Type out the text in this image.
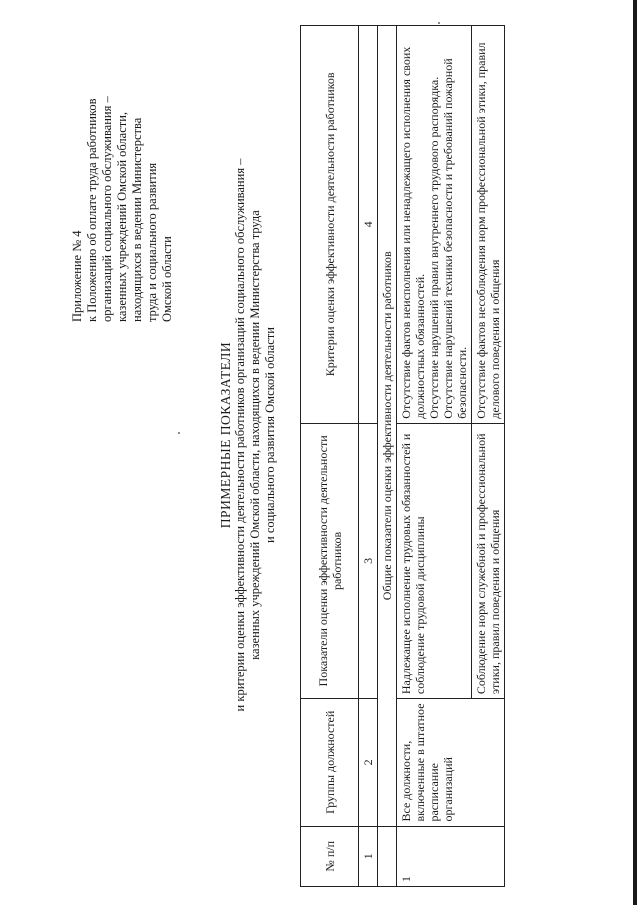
Приложение № 4 к Положению об оплате труда работников организаций социального обслуживания – казенных учреждений Омской области, находящихся в ведении Министерства труда и социального развития Омской области
ПРИМЕРНЫЕ ПОКАЗАТЕЛИ и критерии оценки эффективности деятельности работников организаций социального обслуживания – казенных учреждений Омской области, находящихся в ведении Министерства труда и социального развития Омской области
№ п/п	Группы должностей	Показатели оценки эффективности деятельности работников	Критерии оценки эффективности деятельности работников
1	2	3	4
	Общие показатели оценки эффективности деятельности работников		
1	Все должности, включенные в штатное расписание организаций	Надлежащее исполнение трудовых обязанностей и соблюдение трудовой дисциплины	Отсутствие фактов неисполнения или ненадлежащего исполнения своих должностных обязанностей. Отсутствие нарушений правил внутреннего трудового распорядка. Отсутствие нарушений техники безопасности и требований пожарной безопасности.

		Соблюдение норм служебной и профессиональной этики, правил поведения и общения	Отсутствие фактов несоблюдения норм профессиональной этики, правил делового поведения и общения
